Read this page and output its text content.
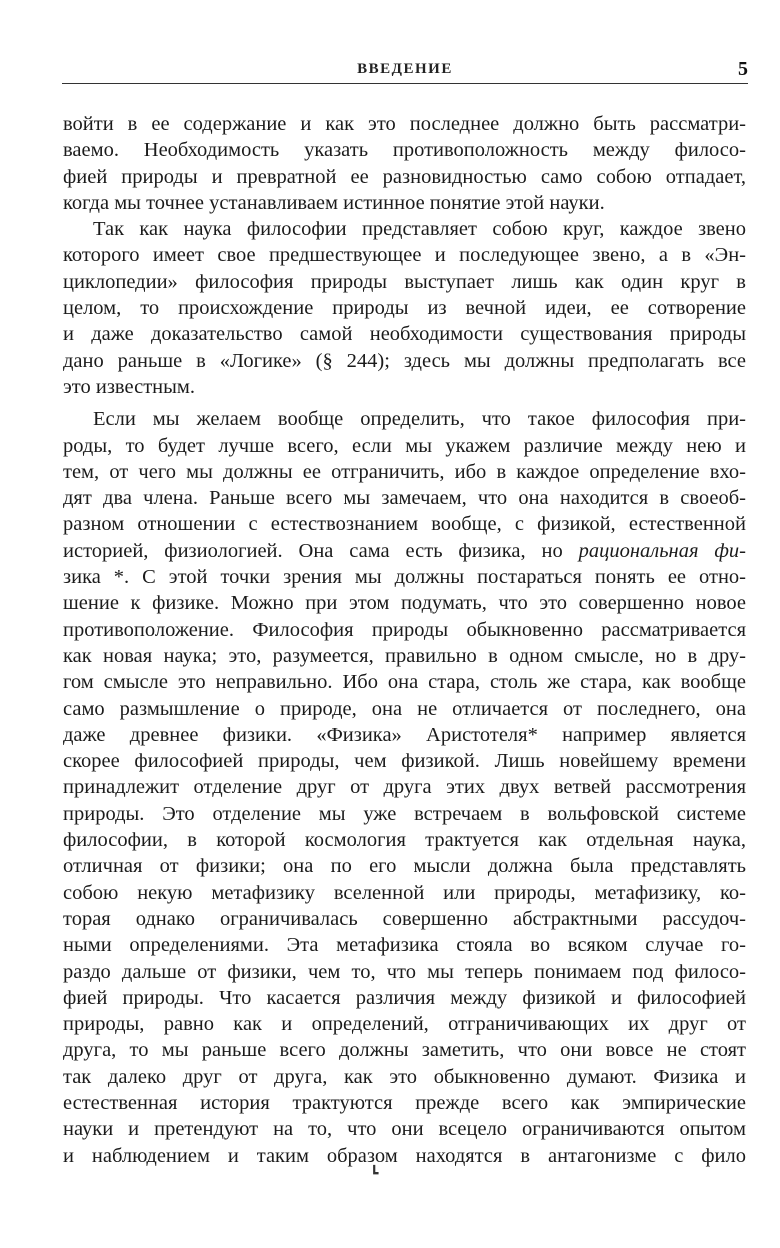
ВВЕДЕНИЕ	5
войти в ее содержание и как это последнее должно быть рассматри-
ваемо. Необходимость указать противоположность между филосо-
фией природы и превратной ее разновидностью само собою отпадает,
когда мы точнее устанавливаем истинное понятие этой науки.
Так как наука философии представляет собою круг, каждое звено
которого имеет свое предшествующее и последующее звено, а в «Эн-
циклопедии» философия природы выступает лишь как один круг в
целом, то происхождение природы из вечной идеи, ее сотворение
и даже доказательство самой необходимости существования природы
дано раньше в «Логике» (§ 244); здесь мы должны предполагать все
это известным.
Если мы желаем вообще определить, что такое философия при-
роды, то будет лучше всего, если мы укажем различие между нею и
тем, от чего мы должны ее отграничить, ибо в каждое определение вхо-
дят два члена. Раньше всего мы замечаем, что она находится в своеоб-
разном отношении с естествознанием вообще, с физикой, естественной
историей, физиологией. Она сама есть физика, но рациональная фи-
зика *. С этой точки зрения мы должны постараться понять ее отно-
шение к физике. Можно при этом подумать, что это совершенно новое
противоположение. Философия природы обыкновенно рассматривается
как новая наука; это, разумеется, правильно в одном смысле, но в дру-
гом смысле это неправильно. Ибо она стара, столь же стара, как вообще
само размышление о природе, она не отличается от последнего, она
даже древнее физики. «Физика» Аристотеля* например является
скорее философией природы, чем физикой. Лишь новейшему времени
принадлежит отделение друг от друга этих двух ветвей рассмотрения
природы. Это отделение мы уже встречаем в вольфовской системе
философии, в которой космология трактуется как отдельная наука,
отличная от физики; она по его мысли должна была представлять
собою некую метафизику вселенной или природы, метафизику, ко-
торая однако ограничивалась совершенно абстрактными рассудоч-
ными определениями. Эта метафизика стояла во всяком случае го-
раздо дальше от физики, чем то, что мы теперь понимаем под филосо-
фией природы. Что касается различия между физикой и философией
природы, равно как и определений, отграничивающих их друг от
друга, то мы раньше всего должны заметить, что они вовсе не стоят
так далеко друг от друга, как это обыкновенно думают. Физика и
естественная история трактуются прежде всего как эмпирические
науки и претендуют на то, что они всецело ограничиваются опытом
и наблюдением и таким образом находятся в антагонизме с фило
┗
